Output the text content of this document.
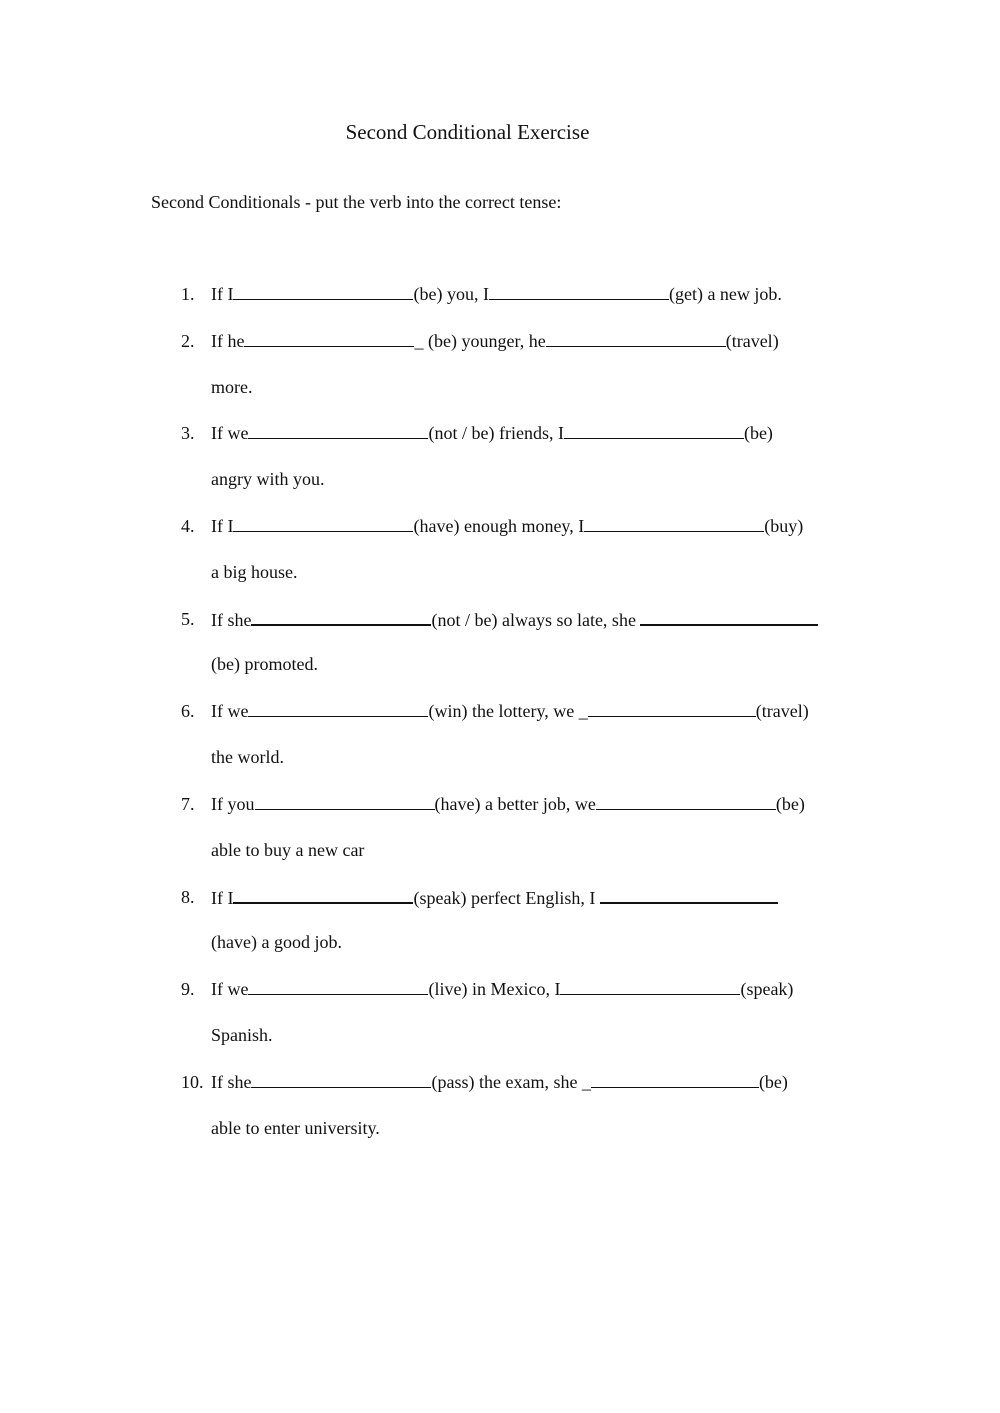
Second Conditional Exercise
Second Conditionals - put the verb into the correct tense:
1. If I	(be) you, I	(get) a new job.
2. If he	_ (be) younger, he	(travel)
more.
3. If we	(not / be) friends, I	(be)
angry with you.
4. If I	(have) enough money, I	(buy)
a big house.
5. If she	(not / be) always so late, she
(be) promoted.
6. If we	(win) the lottery, we _	(travel)
the world.
7. If you	(have) a better job, we	(be)
able to buy a new car
8. If I	(speak) perfect English, I
(have) a good job.
9. If we	(live) in Mexico, I	(speak)
Spanish.
10. If she	(pass) the exam, she _	(be)
able to enter university.
